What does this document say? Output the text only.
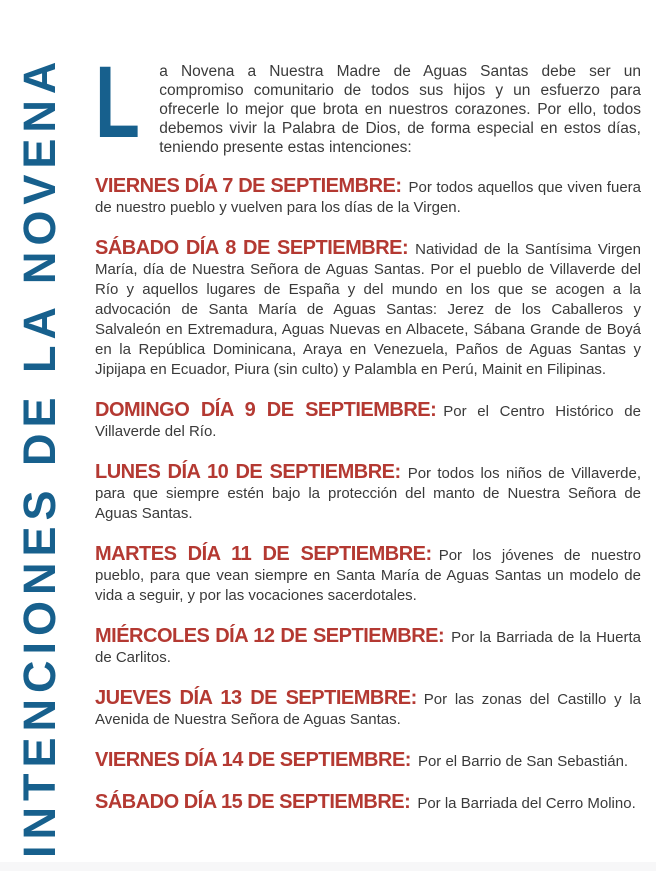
INTENCIONES DE LA NOVENA L a Novena a Nuestra Madre de Aguas Santas debe ser un compromiso comunitario de todos sus hijos y un esfuerzo para ofrecerle lo mejor que brota en nuestros corazones. Por ello, todos debemos vivir la Palabra de Dios, de forma especial en estos días, teniendo presente estas intenciones:

VIERNES DÍA 7 DE SEPTIEMBRE: Por todos aquellos que viven fuera de nuestro pueblo y vuelven para los días de la Virgen.

SÁBADO DÍA 8 DE SEPTIEMBRE: Natividad de la Santísima Virgen María, día de Nuestra Señora de Aguas Santas. Por el pueblo de Villaverde del Río y aquellos lugares de España y del mundo en los que se acogen a la advocación de Santa María de Aguas Santas: Jerez de los Caballeros y Salvaleón en Extremadura, Aguas Nuevas en Albacete, Sábana Grande de Boyá en la República Dominicana, Araya en Venezuela, Paños de Aguas Santas y Jipijapa en Ecuador, Piura (sin culto) y Palambla en Perú, Mainit en Filipinas.

DOMINGO DÍA 9 DE SEPTIEMBRE: Por el Centro Histórico de Villaverde del Río.

LUNES DÍA 10 DE SEPTIEMBRE: Por todos los niños de Villaverde, para que siempre estén bajo la protección del manto de Nuestra Señora de Aguas Santas.

MARTES DÍA 11 DE SEPTIEMBRE: Por los jóvenes de nuestro pueblo, para que vean siempre en Santa María de Aguas Santas un modelo de vida a seguir, y por las vocaciones sacerdotales.

MIÉRCOLES DÍA 12 DE SEPTIEMBRE: Por la Barriada de la Huerta de Carlitos.

JUEVES DÍA 13 DE SEPTIEMBRE: Por las zonas del Castillo y la Avenida de Nuestra Señora de Aguas Santas.

VIERNES DÍA 14 DE SEPTIEMBRE: Por el Barrio de San Sebastián.

SÁBADO DÍA 15 DE SEPTIEMBRE: Por la Barriada del Cerro Molino.
